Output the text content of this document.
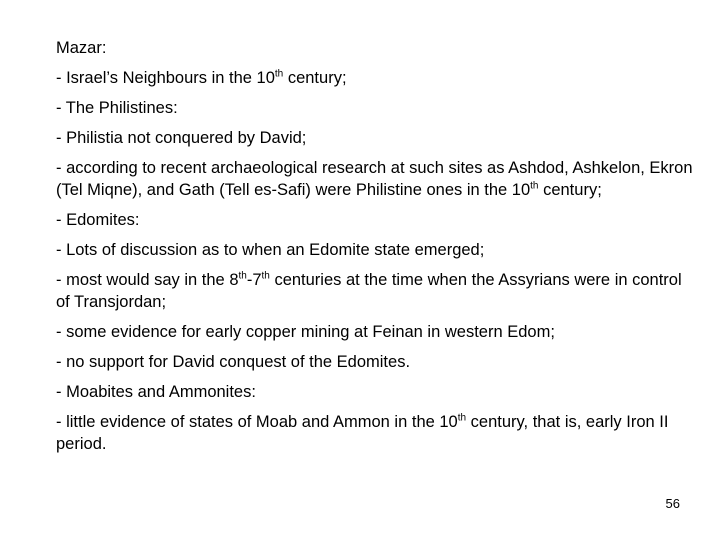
Mazar:

- Israel’s Neighbours in the 10th century;

- The Philistines:

- Philistia not conquered by David;

- according to recent archaeological research at such sites as Ashdod, Ashkelon, Ekron (Tel Miqne), and Gath (Tell es-Safi) were Philistine ones in the 10th century;

- Edomites:

- Lots of discussion as to when an Edomite state emerged;

- most would say in the 8th-7th centuries at the time when the Assyrians were in control of Transjordan;

- some evidence for early copper mining at Feinan in western Edom;

- no support for David conquest of the Edomites.

- Moabites and Ammonites:

- little evidence of states of Moab and Ammon in the 10th century, that is, early Iron II period.

56
